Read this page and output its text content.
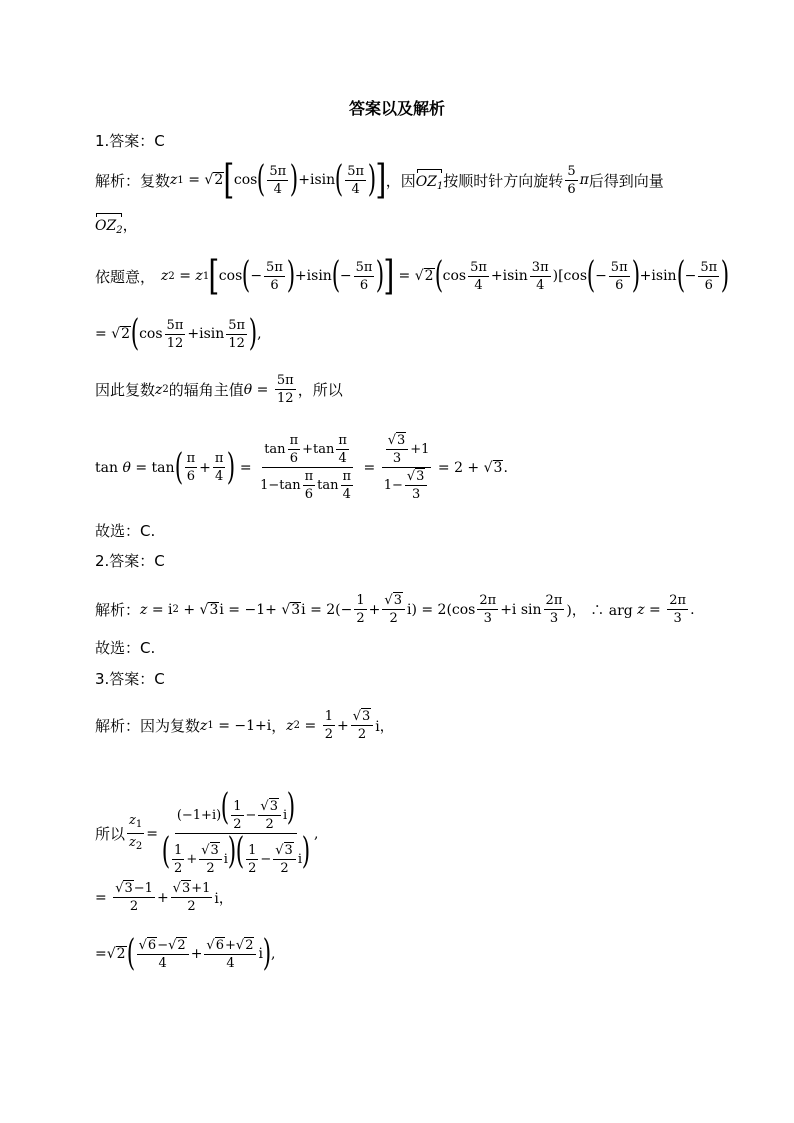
答案以及解析
1.答案：C
解析：复数 z 1 = √ 2 [ cos ( $\frac{5\pi}{4}$ ) +isin ( $\frac{5\pi}{4}$ ) ] ，因 $OZ_1$ 按顺时针方向旋转 $\frac{5}{6}$ π 后得到向量
$OZ_2$ ，
依题意， z 2 = z 1 [ cos ( − $\frac{5\pi}{6}$ ) +isin ( − $\frac{5\pi}{6}$ ) ] = √ 2 ( $\cos \frac{5\pi}{4} +isin \frac{3\pi}{4} )[\cos$ ( − $\frac{5\pi}{6}$ ) +isin ( − $\frac{5\pi}{6}$ )
= √ 2 ( $\cos \frac{5\pi}{12} +isin \frac{5\pi}{12}$ ) ,
因此复数 z 2 的辐角主值 $\theta = \frac{5\pi}{12}$ ，所以
tan θ = tan ( $\frac{\pi}{6} + \frac{\pi}{4}$ ) = $\frac{\tan \frac{\pi}{6} +\tan \frac{\pi}{4}}{1-\tan \frac{\pi}{6} \tan \frac{\pi}{4}} = \frac{\frac{√ 3}{3} +1}{1- \frac{√ 3}{3}} = 2$ + √ 3 .
故选：C.
2.答案：C
解析： z = i 2 + √ 3 i = −1+ √ 3 $i = 2(- \frac{1}{2} + \frac{√ 3}{2} i) = 2(\cos \frac{2\pi}{3} +i$ $\sin \frac{2\pi}{3}$ )， ∴ arg $z = \frac{2\pi}{3}$ .
故选：C.
3.答案：C
解析：因为复数 z 1 = −1+i ， z $2 = \frac{1}{2} + \frac{√ 3}{2}$ i，
所以 $\frac{z_1}{z_2} = \frac{(-1+i)( \frac{1}{2} - \frac{√ 3}{2} i)}{( \frac{1}{2} + \frac{√ 3}{2} i)( \frac{1}{2} - \frac{√ 3}{2} i)}$ ,
= $\frac{√ 3 -1}{2} + \frac{√ 3 +1}{2}$ i，
= √ 2 ( $\frac{√ 6 -√ 2}{4} + \frac{√ 6 +√ 2}{4}$ i ) ,
